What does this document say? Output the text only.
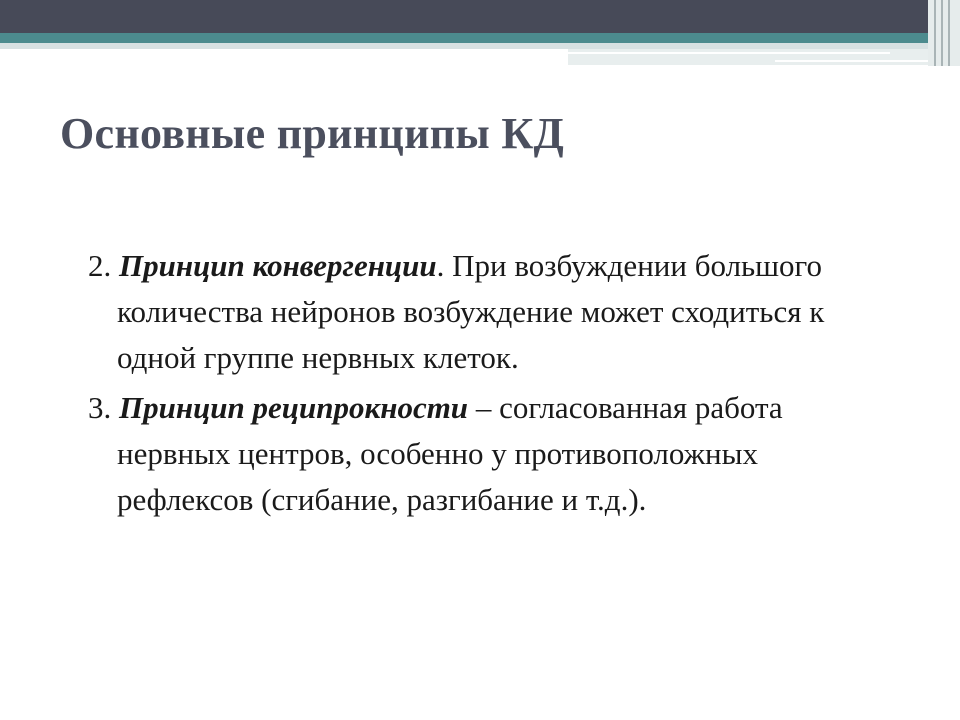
Основные принципы КД

2. Принцип конвергенции. При возбуждении большого количества нейронов возбуждение может сходиться к одной группе нервных клеток.

3. Принцип реципрокности – согласованная работа нервных центров, особенно у противоположных рефлексов (сгибание, разгибание и т.д.).
